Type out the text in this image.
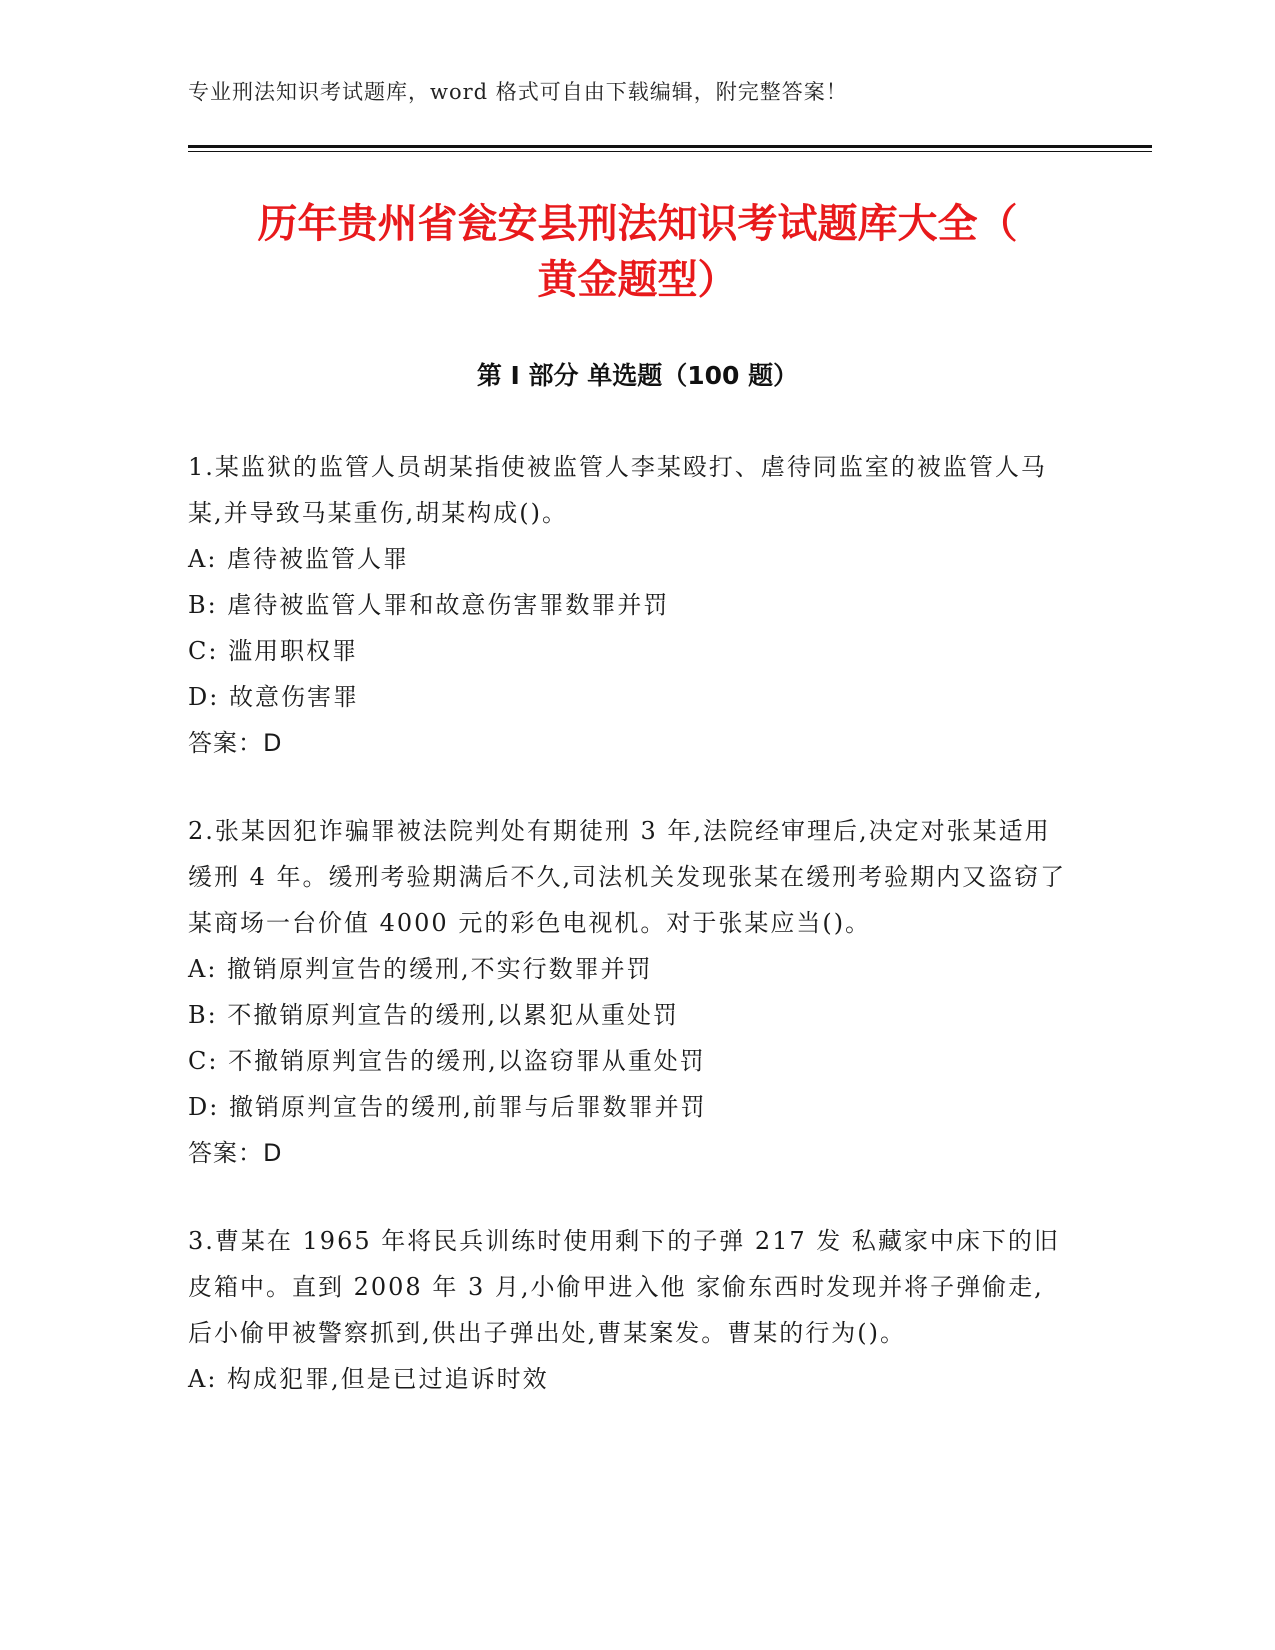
专业刑法知识考试题库，word 格式可自由下载编辑，附完整答案！
历年贵州省瓮安县刑法知识考试题库大全（
黄金题型）
第 I 部分 单选题（100 题）

1.某监狱的监管人员胡某指使被监管人李某殴打、虐待同监室的被监管人马某,并导致马某重伤,胡某构成()。

A: 虐待被监管人罪

B: 虐待被监管人罪和故意伤害罪数罪并罚

C: 滥用职权罪

D: 故意伤害罪

答案：D

2.张某因犯诈骗罪被法院判处有期徒刑 3 年,法院经审理后,决定对张某适用缓刑 4 年。缓刑考验期满后不久,司法机关发现张某在缓刑考验期内又盗窃了某商场一台价值 4000 元的彩色电视机。对于张某应当()。

A: 撤销原判宣告的缓刑,不实行数罪并罚

B: 不撤销原判宣告的缓刑,以累犯从重处罚

C: 不撤销原判宣告的缓刑,以盗窃罪从重处罚

D: 撤销原判宣告的缓刑,前罪与后罪数罪并罚

答案：D

3.曹某在 1965 年将民兵训练时使用剩下的子弹 217 发 私藏家中床下的旧皮箱中。直到 2008 年 3 月,小偷甲进入他 家偷东西时发现并将子弹偷走,后小偷甲被警察抓到,供出子弹出处,曹某案发。曹某的行为()。

A: 构成犯罪,但是已过追诉时效
